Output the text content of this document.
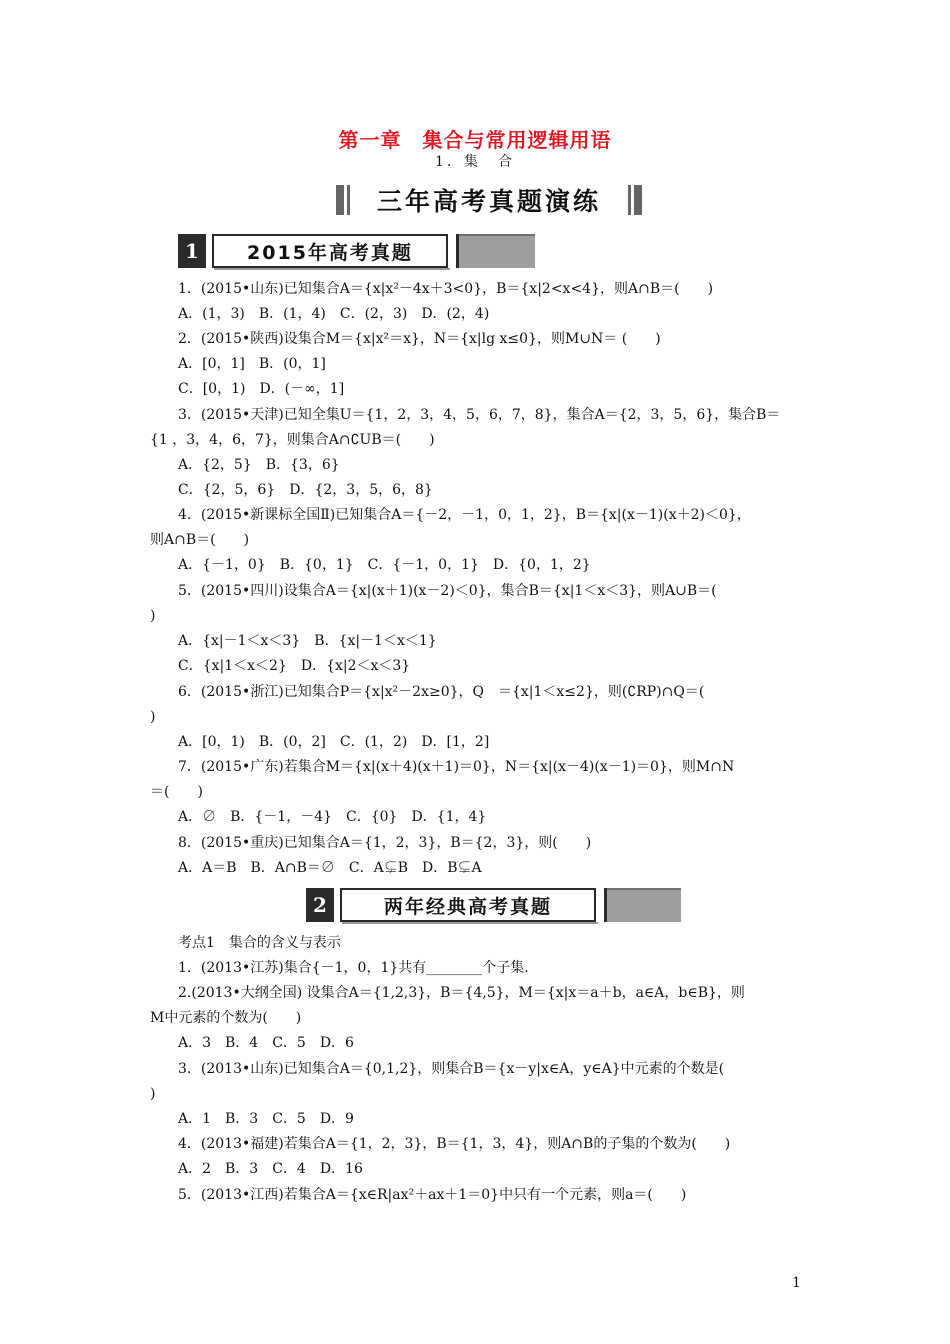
第一章　集合与常用逻辑用语
1．集　合
三年高考真题演练
1	2015年高考真题
1．(2015•山东)已知集合A＝{x|x²－4x＋3<0}，B＝{x|2<x<4}，则A∩B＝(　　)
A．(1，3)　B．(1，4)　C．(2，3)　D．(2，4)
2．(2015•陕西)设集合M＝{x|x²＝x}，N＝{x|lg x≤0}，则M∪N＝ (　　)
A．[0，1]　B．(0，1]
C．[0，1)　D．(－∞，1]
3．(2015•天津)已知全集U＝{1，2，3，4，5，6，7，8}，集合A＝{2，3，5，6}，集合B＝
{1 ，3，4，6，7}，则集合A∩∁UB＝(　　)
A．{2，5}　B．{3，6}
C．{2，5，6}　D．{2，3，5，6，8}
4．(2015•新课标全国Ⅱ)已知集合A＝{－2，－1，0，1，2}，B＝{x|(x－1)(x＋2)＜0}，
则A∩B＝(　　)
A．{－1，0}　B．{0，1}　C．{－1，0，1}　D．{0，1，2}
5．(2015•四川)设集合A＝{x|(x＋1)(x－2)＜0}，集合B＝{x|1＜x＜3}，则A∪B＝(
)
A．{x|－1＜x＜3}　B．{x|－1＜x＜1}
C．{x|1＜x＜2}　D．{x|2＜x＜3}
6．(2015•浙江)已知集合P＝{x|x²－2x≥0}，Q　＝{x|1＜x≤2}，则(∁RP)∩Q＝(
)
A．[0，1)　B．(0，2]　C．(1，2)　D．[1，2]
7．(2015•广东)若集合M＝{x|(x＋4)(x＋1)＝0}，N＝{x|(x－4)(x－1)＝0}，则M∩N
＝(　　)
A．∅　B．{－1，－4}　C．{0}　D．{1，4}
8．(2015•重庆)已知集合A＝{1，2，3}，B＝{2，3}，则(　　)
A．A＝B　B．A∩B＝∅　C．A⊊B　D．B⊊A
2	两年经典高考真题
考点1　集合的含义与表示
1．(2013•江苏)集合{－1，0，1}共有________个子集.
2.(2013•大纲全国) 设集合A＝{1,2,3}，B＝{4,5}，M＝{x|x＝a＋b，a∈A，b∈B}，则
M中元素的个数为(　　)
A．3　B．4　C．5　D．6
3．(2013•山东)已知集合A＝{0,1,2}，则集合B＝{x－y|x∈A，y∈A}中元素的个数是(
)
A．1　B．3　C．5　D．9
4．(2013•福建)若集合A＝{1，2，3}，B＝{1，3，4}，则A∩B的子集的个数为(　　)
A．2　B．3　C．4　D．16
5．(2013•江西)若集合A＝{x∈R|ax²＋ax＋1＝0}中只有一个元素，则a＝(　　)
1
